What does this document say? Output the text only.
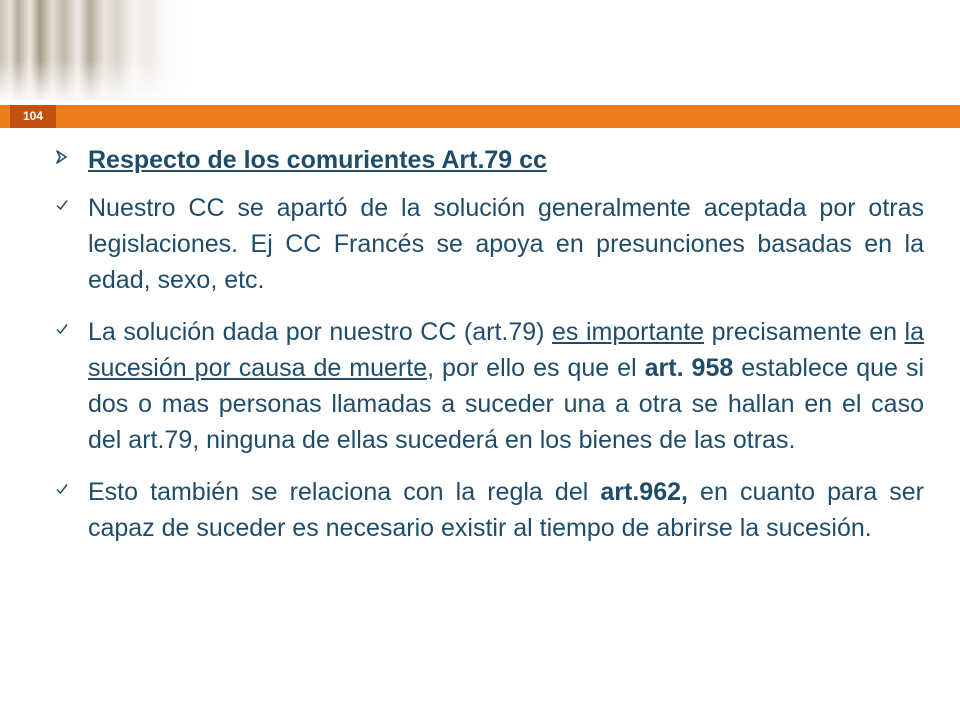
104
Respecto de los comurientes Art.79 cc
Nuestro CC se apartó de la solución generalmente aceptada por otras legislaciones. Ej CC Francés se apoya en presunciones basadas en la edad, sexo, etc.
La solución dada por nuestro CC (art.79) es importante precisamente en la sucesión por causa de muerte, por ello es que el art. 958 establece que si dos o mas personas llamadas a suceder una a otra se hallan en el caso del art.79, ninguna de ellas sucederá en los bienes de las otras.
Esto también se relaciona con la regla del art.962, en cuanto para ser capaz de suceder es necesario existir al tiempo de abrirse la sucesión.
